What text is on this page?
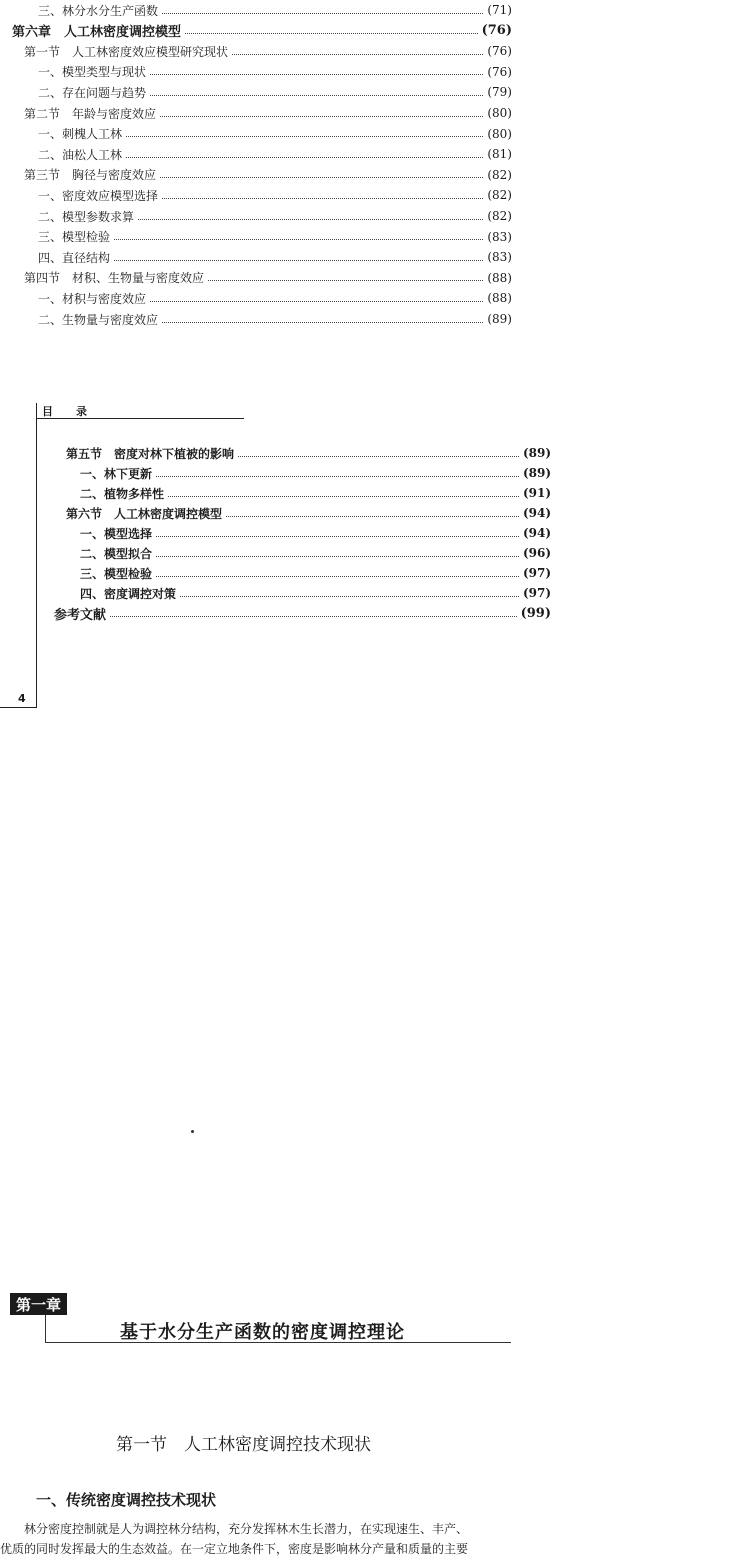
三、林分水分生产函数	(71)
第六章　人工林密度调控模型	(76)
第一节　人工林密度效应模型研究现状	(76)
一、模型类型与现状	(76)
二、存在问题与趋势	(79)
第二节　年龄与密度效应	(80)
一、刺槐人工林	(80)
二、油松人工林	(81)
第三节　胸径与密度效应	(82)
一、密度效应模型选择	(82)
二、模型参数求算	(82)
三、模型检验	(83)
四、直径结构	(83)
第四节　材积、生物量与密度效应	(88)
一、材积与密度效应	(88)
二、生物量与密度效应	(89)
目　录
第五节　密度对林下植被的影响	(89)
一、林下更新	(89)
二、植物多样性	(91)
第六节　人工林密度调控模型	(94)
一、模型选择	(94)
二、模型拟合	(96)
三、模型检验	(97)
四、密度调控对策	(97)
参考文献	(99)
4
第一章
基于水分生产函数的密度调控理论
第一节　人工林密度调控技术现状
一、传统密度调控技术现状
　　林分密度控制就是人为调控林分结构，充分发挥林木生长潜力，在实现速生、丰产、
优质的同时发挥最大的生态效益。在一定立地条件下，密度是影响林分产量和质量的主要
